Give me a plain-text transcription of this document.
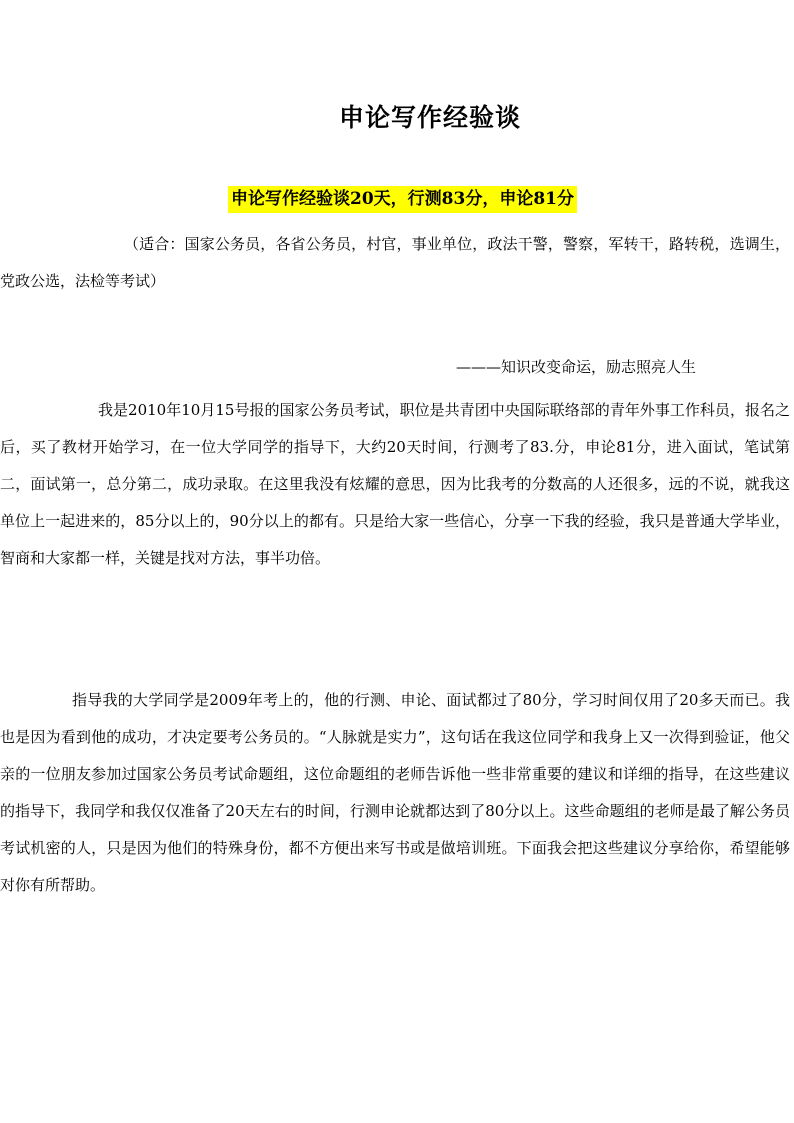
申论写作经验谈
申论写作经验谈20天，行测83分，申论81分
（适合：国家公务员，各省公务员，村官，事业单位，政法干警，警察，军转干，路转税，选调生，党政公选，法检等考试）
———知识改变命运，励志照亮人生
我是2010年10月15号报的国家公务员考试，职位是共青团中央国际联络部的青年外事工作科员，报名之后，买了教材开始学习，在一位大学同学的指导下，大约20天时间，行测考了83.分，申论81分，进入面试，笔试第二，面试第一，总分第二，成功录取。在这里我没有炫耀的意思，因为比我考的分数高的人还很多，远的不说，就我这单位上一起进来的，85分以上的，90分以上的都有。只是给大家一些信心，分享一下我的经验，我只是普通大学毕业，智商和大家都一样，关键是找对方法，事半功倍。
指导我的大学同学是2009年考上的，他的行测、申论、面试都过了80分，学习时间仅用了20多天而已。我也是因为看到他的成功，才决定要考公务员的。“人脉就是实力”，这句话在我这位同学和我身上又一次得到验证，他父亲的一位朋友参加过国家公务员考试命题组，这位命题组的老师告诉他一些非常重要的建议和详细的指导，在这些建议的指导下，我同学和我仅仅准备了20天左右的时间，行测申论就都达到了80分以上。这些命题组的老师是最了解公务员考试机密的人，只是因为他们的特殊身份，都不方便出来写书或是做培训班。下面我会把这些建议分享给你，希望能够对你有所帮助。
